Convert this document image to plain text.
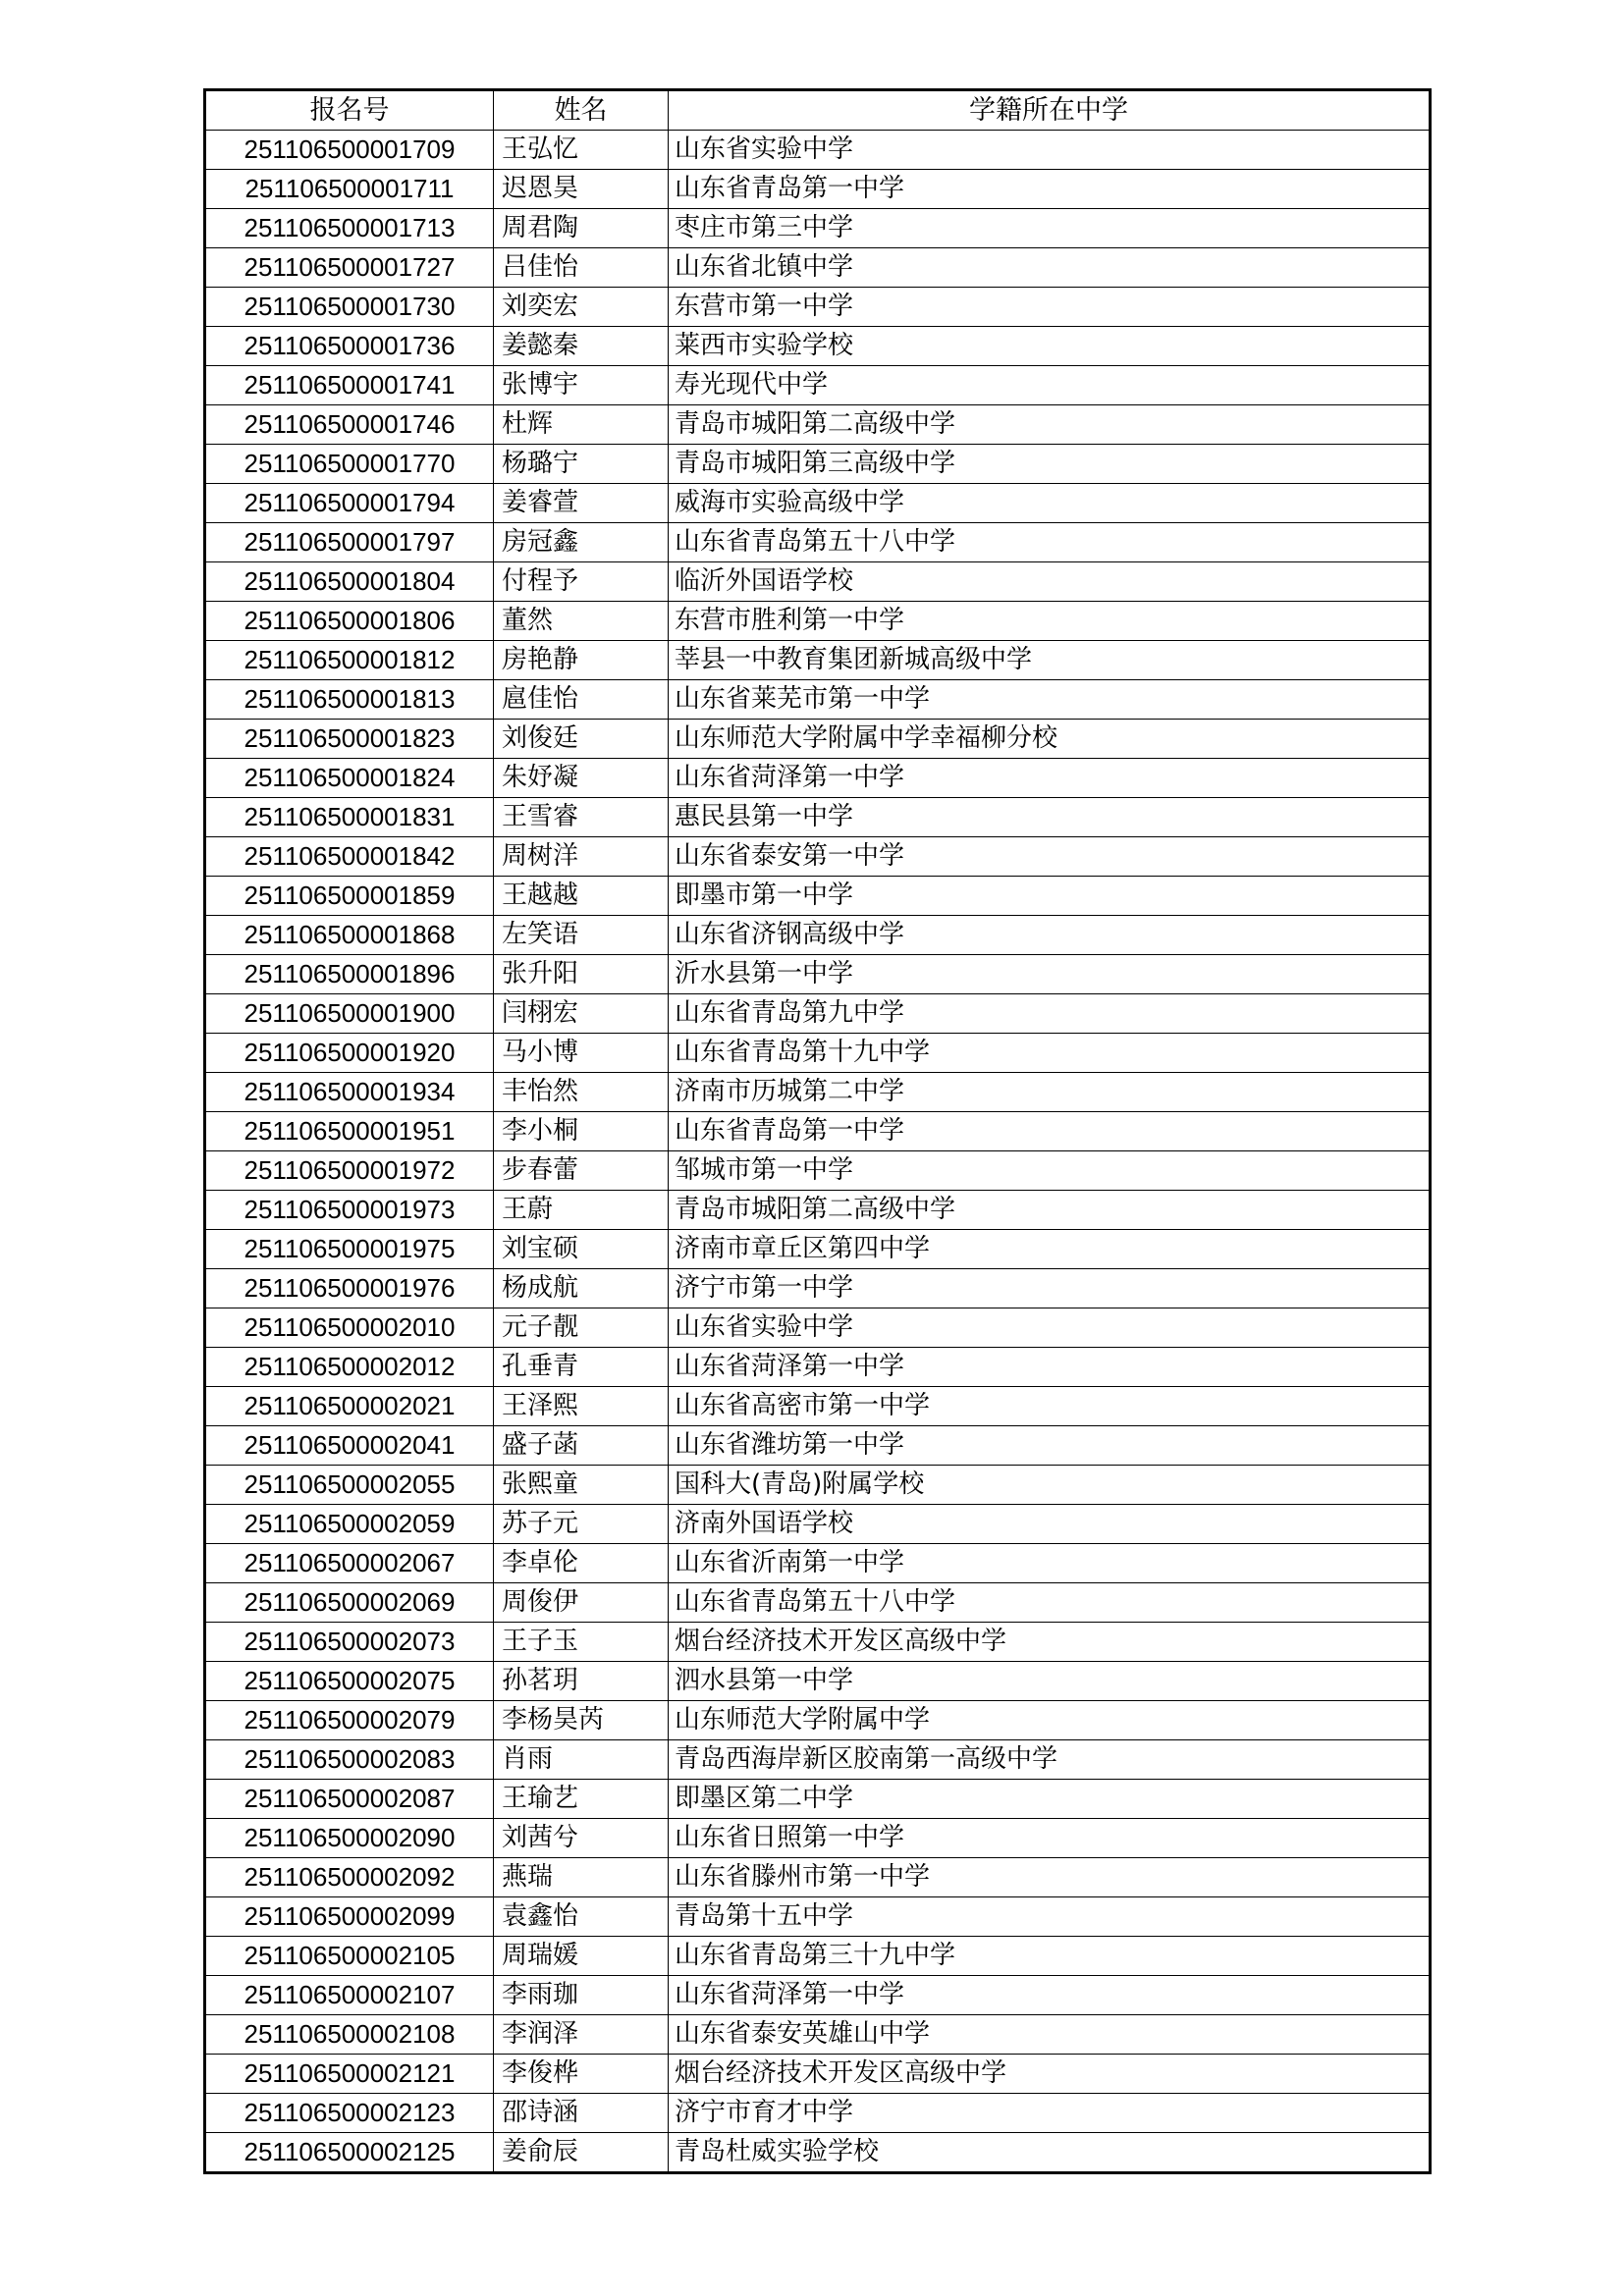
报名号	姓名	学籍所在中学
251106500001709	王弘忆	山东省实验中学
251106500001711	迟恩昊	山东省青岛第一中学
251106500001713	周君陶	枣庄市第三中学
251106500001727	吕佳怡	山东省北镇中学
251106500001730	刘奕宏	东营市第一中学
251106500001736	姜懿秦	莱西市实验学校
251106500001741	张博宇	寿光现代中学
251106500001746	杜辉	青岛市城阳第二高级中学
251106500001770	杨璐宁	青岛市城阳第三高级中学
251106500001794	姜睿萱	威海市实验高级中学
251106500001797	房冠鑫	山东省青岛第五十八中学
251106500001804	付程予	临沂外国语学校
251106500001806	董然	东营市胜利第一中学
251106500001812	房艳静	莘县一中教育集团新城高级中学
251106500001813	扈佳怡	山东省莱芜市第一中学
251106500001823	刘俊廷	山东师范大学附属中学幸福柳分校
251106500001824	朱妤凝	山东省菏泽第一中学
251106500001831	王雪睿	惠民县第一中学
251106500001842	周树洋	山东省泰安第一中学
251106500001859	王越越	即墨市第一中学
251106500001868	左笑语	山东省济钢高级中学
251106500001896	张升阳	沂水县第一中学
251106500001900	闫栩宏	山东省青岛第九中学
251106500001920	马小博	山东省青岛第十九中学
251106500001934	丰怡然	济南市历城第二中学
251106500001951	李小桐	山东省青岛第一中学
251106500001972	步春蕾	邹城市第一中学
251106500001973	王蔚	青岛市城阳第二高级中学
251106500001975	刘宝硕	济南市章丘区第四中学
251106500001976	杨成航	济宁市第一中学
251106500002010	元子靓	山东省实验中学
251106500002012	孔垂青	山东省菏泽第一中学
251106500002021	王泽熙	山东省高密市第一中学
251106500002041	盛子菡	山东省潍坊第一中学
251106500002055	张熙童	国科大(青岛)附属学校
251106500002059	苏子元	济南外国语学校
251106500002067	李卓伦	山东省沂南第一中学
251106500002069	周俊伊	山东省青岛第五十八中学
251106500002073	王子玉	烟台经济技术开发区高级中学
251106500002075	孙茗玥	泗水县第一中学
251106500002079	李杨昊芮	山东师范大学附属中学
251106500002083	肖雨	青岛西海岸新区胶南第一高级中学
251106500002087	王瑜艺	即墨区第二中学
251106500002090	刘茜兮	山东省日照第一中学
251106500002092	燕瑞	山东省滕州市第一中学
251106500002099	袁鑫怡	青岛第十五中学
251106500002105	周瑞媛	山东省青岛第三十九中学
251106500002107	李雨珈	山东省菏泽第一中学
251106500002108	李润泽	山东省泰安英雄山中学
251106500002121	李俊桦	烟台经济技术开发区高级中学
251106500002123	邵诗涵	济宁市育才中学
251106500002125	姜俞辰	青岛杜威实验学校
